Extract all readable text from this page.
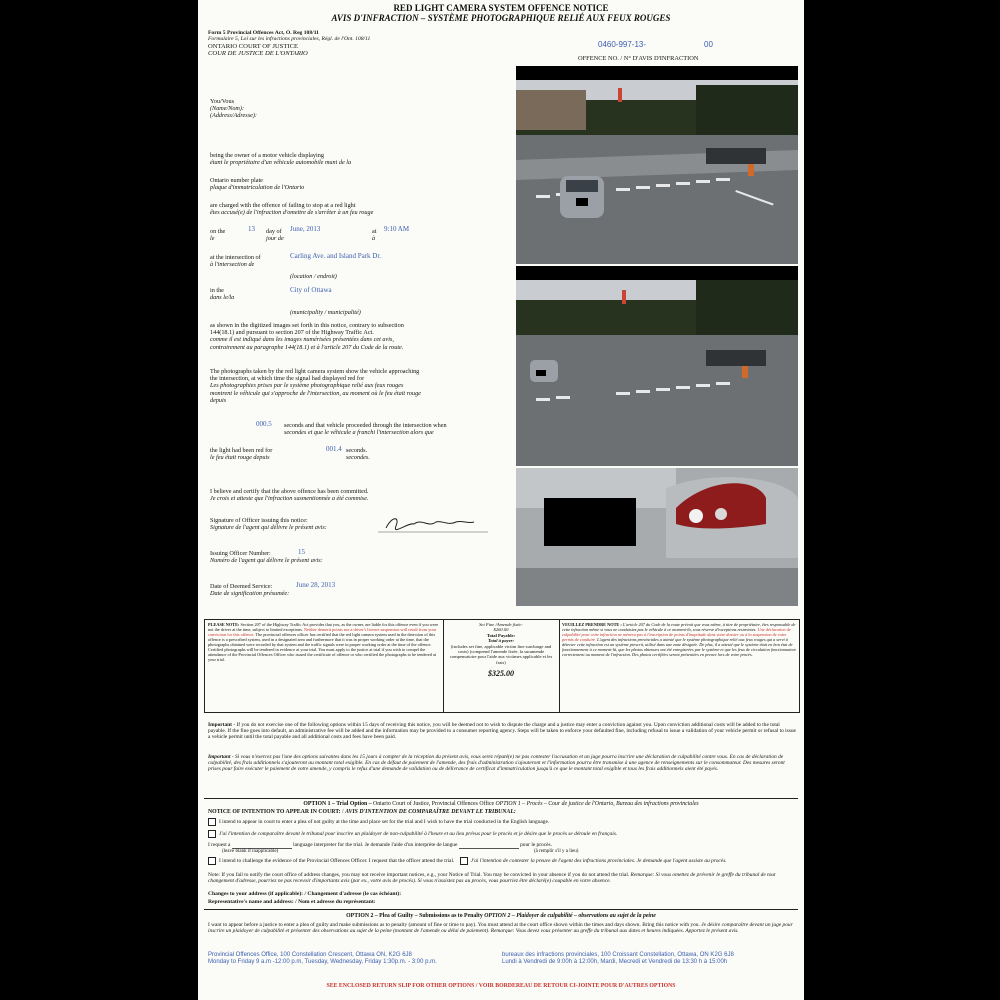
RED LIGHT CAMERA SYSTEM OFFENCE NOTICE
AVIS D'INFRACTION – SYSTÈME PHOTOGRAPHIQUE RELIÉ AUX FEUX ROUGES
Form 5 Provincial Offences Act, O. Reg 108/11
Formulaire 5, Loi sur les infractions provinciales, Régl. de l'Ont. 108/11
ONTARIO COURT OF JUSTICE
COUR DE JUSTICE DE L'ONTARIO
0460-997-13-	00
OFFENCE NO. / N° D'AVIS D'INFRACTION
You/Vous
(Name/Nom):
(Address/Adresse):
being the owner of a motor vehicle displaying
étant le propriétaire d'un véhicule automobile muni de la
Ontario number plate
plaque d'immatriculation de l'Ontario
are charged with the offence of failing to stop at a red light
êtes accusé(e) de l'infraction d'omettre de s'arrêter à un feu rouge
on the
le
13 day of
jour de
June, 2013	at
à
9:10 AM
at the intersection of
à l'intersection de
Carling Ave. and Island Park Dr.
(location / endroit)
in the
dans le/la
City of Ottawa
(municipality / municipalité)
as shown in the digitized images set forth in this notice, contrary to subsection
144(18.1) and pursuant to section 207 of the Highway Traffic Act.
comme il est indiqué dans les images numérisées présentées dans cet avis,
contrairement au paragraphe 144(18.1) et à l'article 207 du Code de la route.
The photographs taken by the red light camera system show the vehicle approaching
the intersection, at which time the signal had displayed red for
Les photographies prises par le système photographique relié aux feux rouges
montrent le véhicule qui s'approche de l'intersection, au moment où le feu était rouge
depuis
000.5 seconds and that vehicle proceeded through the intersection when
secondes et que le véhicule a franchi l'intersection alors que
the light had been red for
le feu était rouge depuis
001.4 seconds.
secondes.
I believe and certify that the above offence has been committed.
Je crois et atteste que l'infraction susmentionnée a été commise.
Signature of Officer issuing this notice:
Signature de l'agent qui délivre le présent avis:
Issuing Officer Number:
Numéro de l'agent qui délivre le présent avis:
15
Date of Deemed Service:
Date de signification présumée:
June 28, 2013
PLEASE NOTE: Section 207 of the Highway Traffic Act provides that you, as the owner, are liable for this offence even if you were not the driver at the time, subject to limited exceptions. Neither demerit points nor a driver's licence suspension will result from your conviction for this offence. The provincial offences officer has certified that the red light camera system used in the detection of this offence is a prescribed system, used in a designated area and furthermore that it was in proper working order at the time, that the photographs obtained were recorded by that system and the traffic signals were in proper working order at the time of the offence. Certified photographs will be tendered in evidence at your trial. You must apply to the justice at trial if you wish to compel the attendance of the Provincial Offences Officer who issued the certificate of offence or who certified the photographs to be tendered at your trial.
Set Fine /Amende fixée:
$260.00
Total Payable:
Total à payer:
(includes set fine, applicable victim fine surcharge and costs) (comprend l'amende fixée, la suramende compensatoire pour l'aide aux victimes applicable et les frais)
$325.00
VEUILLEZ PRENDRE NOTE : L'article 207 du Code de la route prévoit que vous même, à titre de propriétaire, êtes responsable de cette infraction même si vous ne conduisiez pas le véhicule à ce moment-là, sous réserve d'exceptions restreintes. Une déclaration de culpabilité pour cette infraction ne mènera pas à l'inscription de points d'inaptitude dans votre dossier ou à la suspension de votre permis de conduire. L'agent des infractions provinciales a attesté que le système photographique relié aux feux rouges qui a servi à détecter cette infraction est un système prescrit, utilisé dans une zone désignée. De plus, il a attesté que le système était en bon état de fonctionnement à ce moment-là, que les photos obtenues ont été enregistrées par le système et que les feux de circulation fonctionnaient correctement au moment de l'infraction. Des photos certifiées seront présentées en preuve lors de votre procès.
Important - If you do not exercise one of the following options within 15 days of receiving this notice, you will be deemed not to wish to dispute the charge and a justice may enter a conviction against you. Upon conviction additional costs will be added to the total payable. If the fine goes into default, an administrative fee will be added and the information may be provided to a consumer reporting agency. Steps will be taken to enforce your defaulted fine, including refusal to issue a validation of your vehicle permit or refusal to issue a vehicle permit until the total payable and all additional costs and fees have been paid.
Important - Si vous n'exercez pas l'une des options suivantes dans les 15 jours à compter de la réception du présent avis, vous serez réputé(e) ne pas contester l'accusation et un juge pourra inscrire une déclaration de culpabilité contre vous. En cas de déclaration de culpabilité, des frais additionnels s'ajouteront au montant total exigible. En cas de défaut de paiement de l'amende, des frais d'administration s'ajouteront et l'information pourra être transmise à une agence de renseignements sur le consommateur. Des mesures seront prises pour faire exécuter le paiement de votre amende, y compris le refus d'une demande de validation ou de délivrance de certificat d'immatriculation jusqu'à ce que le montant total exigible et tous les frais additionnels aient été payés.
OPTION 1 – Trial Option – Ontario Court of Justice, Provincial Offences Office OPTION 1 – Procès – Cour de justice de l'Ontario, Bureau des infractions provinciales
NOTICE OF INTENTION TO APPEAR IN COURT: / AVIS D'INTENTION DE COMPARAÎTRE DEVANT LE TRIBUNAL:
I intend to appear in court to enter a plea of not guilty at the time and place set for the trial and I wish to have the trial conducted in the English language.
J'ai l'intention de comparaître devant le tribunal pour inscrire un plaidoyer de non-culpabilité à l'heure et au lieu prévus pour le procès et je désire que le procès se déroule en français.
I request a	language interpreter for the trial. Je demande l'aide d'un interprète de langue	pour le procès.
(leave blank if inapplicable)	(à remplir s'il y a lieu)
I intend to challenge the evidence of the Provincial Offences Officer. I request that the officer attend the trial.	J'ai l'intention de contester la preuve de l'agent des infractions provinciales. Je demande que l'agent assiste au procès.
Note: If you fail to notify the court office of address changes, you may not receive important notices, e.g., your Notice of Trial. You may be convicted in your absence if you do not attend the trial. Remarque: Si vous omettez de prévenir le greffe du tribunal de tout changement d'adresse, pourriez ne pas recevoir d'importants avis (par ex., votre avis de procès). Si vous n'assistez pas au procès, vous pourriez être déclaré(e) coupable en votre absence.
Changes to your address (if applicable): / Changement d'adresse (le cas échéant):
Representative's name and address: / Nom et adresse du représentant:
OPTION 2 – Plea of Guilty – Submissions as to Penalty OPTION 2 – Plaidoyer de culpabilité – observations au sujet de la peine
I want to appear before a justice to enter a plea of guilty and make submissions as to penalty (amount of fine or time to pay). You must attend at the court office shown within the times and days shown. Bring this notice with you. Je désire comparaître devant un juge pour inscrire un plaidoyer de culpabilité et présenter des observations au sujet de la peine (montant de l'amende ou délai de paiement). Remarque: Vous devez vous présenter au greffe du tribunal aux dates et heures indiquées. Apportez le présent avis.
Provincial Offences Office, 100 Constellation Crescent, Ottawa ON, K2G 6J8
Monday to Friday 9 a.m -12:00 p.m, Tuesday, Wednesday, Friday 1:30p.m. - 3:00 p.m.
bureaux des infractions provinciales, 100 Croissant Constellation, Ottawa, ON K2G 6J8
Lundi à Vendredi de 9:00h à 12:00h, Mardi, Mecredi et Vendredi de 13:30 h à 15:00h
SEE ENCLOSED RETURN SLIP FOR OTHER OPTIONS / VOIR BORDEREAU DE RETOUR CI-JOINTE POUR D'AUTRES OPTIONS
